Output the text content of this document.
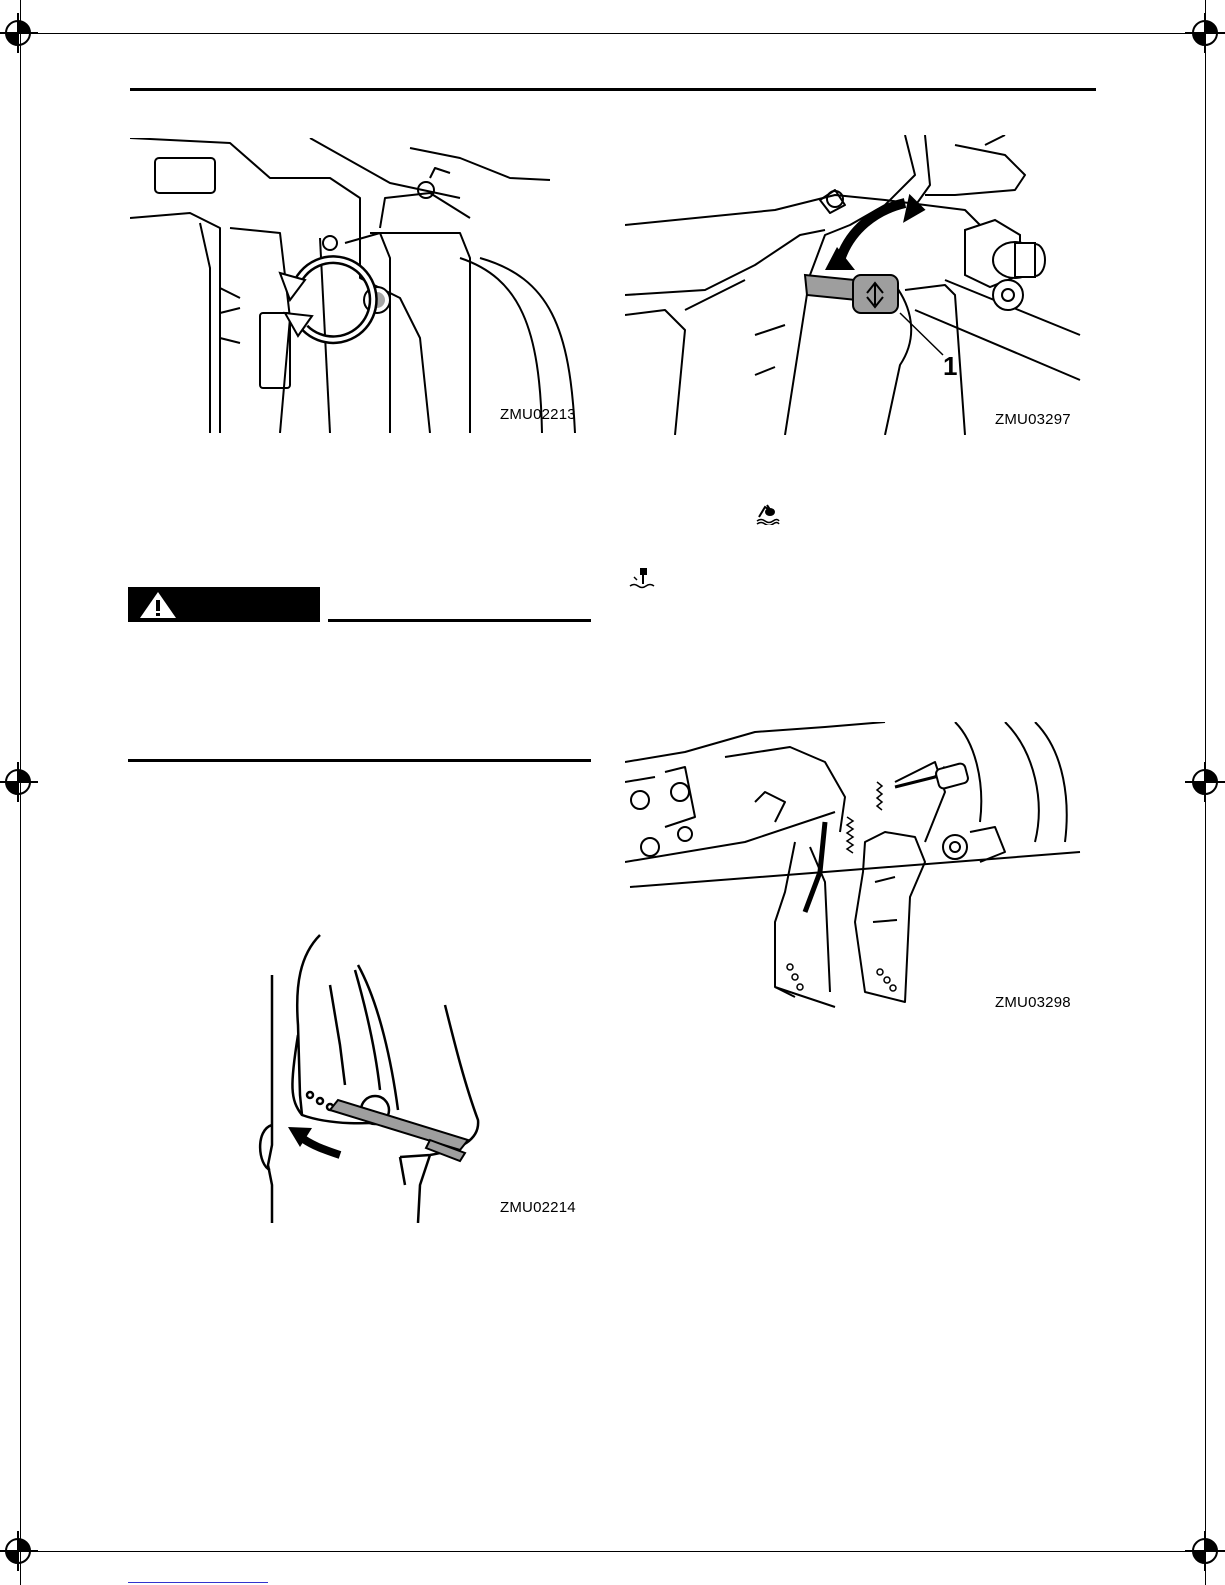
ZMU02213
1
ZMU03297
ZMU02214
ZMU03298
